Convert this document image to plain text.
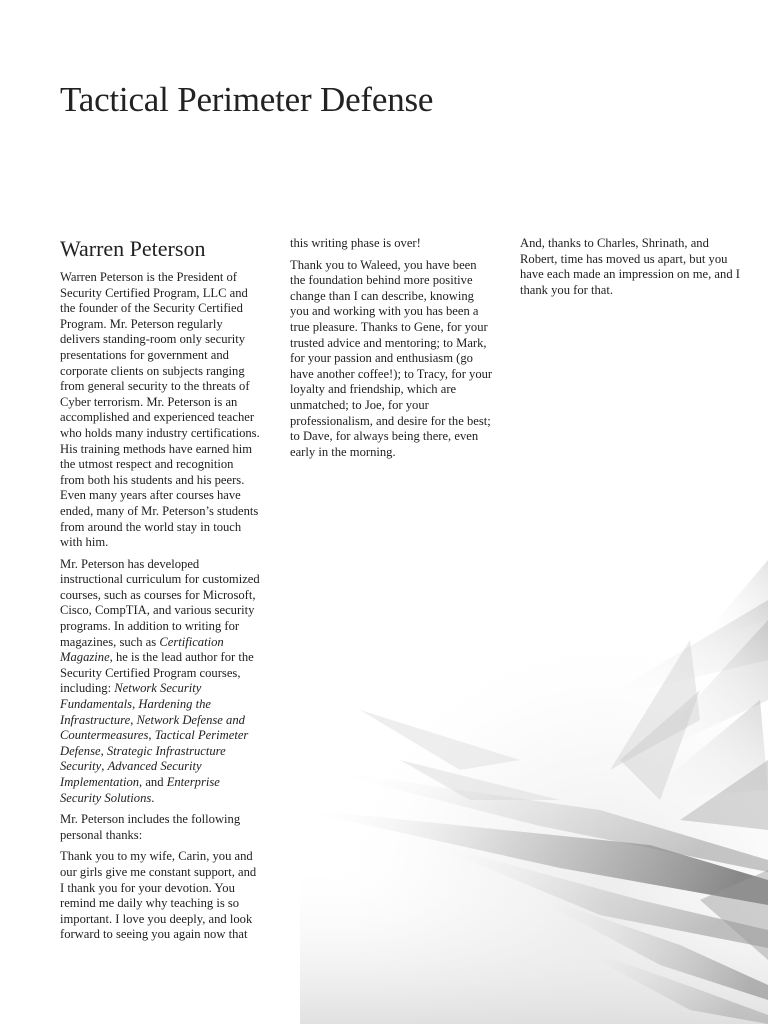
Tactical Perimeter Defense
Warren Peterson

Warren Peterson is the President of Security Certified Program, LLC and the founder of the Security Certified Program. Mr. Peterson regularly delivers standing-room only security presentations for government and corporate clients on subjects ranging from general security to the threats of Cyber terrorism. Mr. Peterson is an accomplished and experienced teacher who holds many industry certifications. His training methods have earned him the utmost respect and recognition from both his students and his peers. Even many years after courses have ended, many of Mr. Peterson’s students from around the world stay in touch with him.

Mr. Peterson has developed instructional curriculum for customized courses, such as courses for Microsoft, Cisco, CompTIA, and various security programs. In addition to writing for magazines, such as Certification Magazine, he is the lead author for the Security Certified Program courses, including: Network Security Fundamentals, Hardening the Infrastructure, Network Defense and Countermeasures, Tactical Perimeter Defense, Strategic Infrastructure Security, Advanced Security Implementation, and Enterprise Security Solutions.

Mr. Peterson includes the following personal thanks:

Thank you to my wife, Carin, you and our girls give me constant support, and I thank you for your devotion. You remind me daily why teaching is so important. I love you deeply, and look forward to seeing you again now that

this writing phase is over!

Thank you to Waleed, you have been the foundation behind more positive change than I can describe, knowing you and working with you has been a true pleasure. Thanks to Gene, for your trusted advice and mentoring; to Mark, for your passion and enthusiasm (go have another coffee!); to Tracy, for your loyalty and friendship, which are unmatched; to Joe, for your professionalism, and desire for the best; to Dave, for always being there, even early in the morning.

And, thanks to Charles, Shrinath, and Robert, time has moved us apart, but you have each made an impression on me, and I thank you for that.
